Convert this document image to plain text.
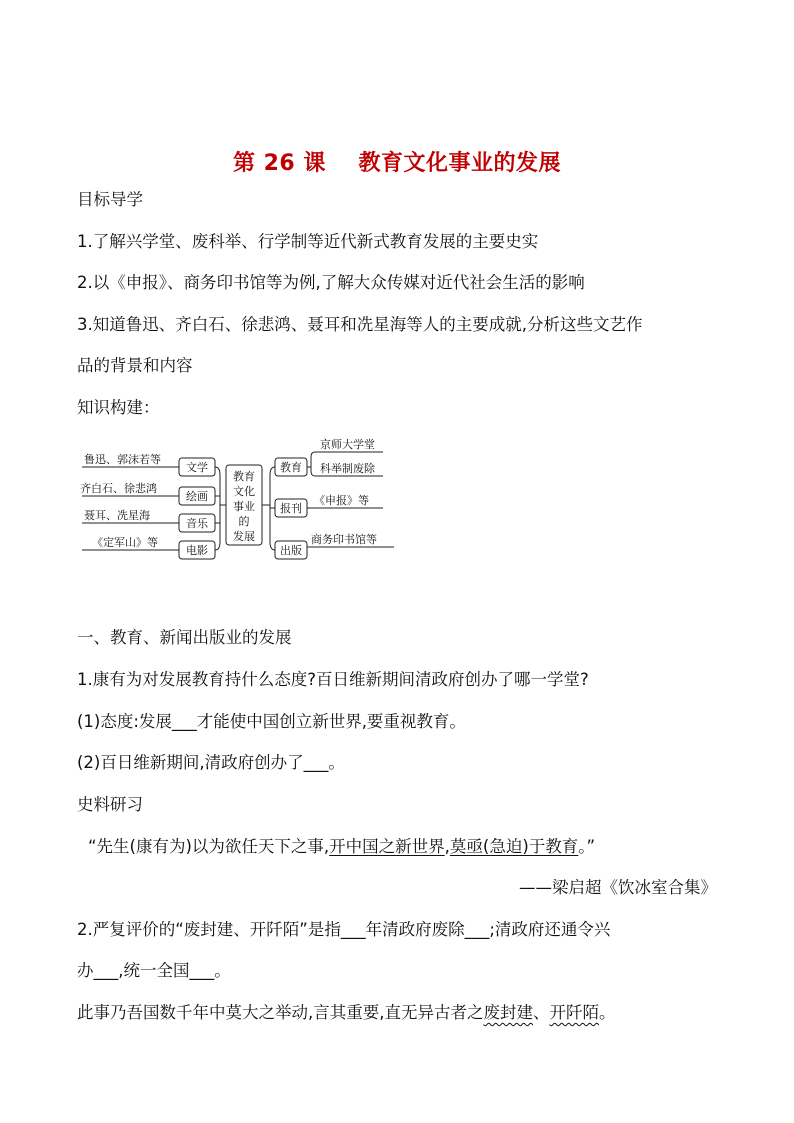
第 26 课    教育文化事业的发展
目标导学
1.了解兴学堂、废科举、行学制等近代新式教育发展的主要史实
2.以《申报》、商务印书馆等为例,了解大众传媒对近代社会生活的影响
3.知道鲁迅、齐白石、徐悲鸿、聂耳和冼星海等人的主要成就,分析这些文艺作
品的背景和内容
知识构建：
教育
文化
事业
的
发展
文学
绘画
音乐
电影
鲁迅、郭沫若等
齐白石、徐悲鸿
聂耳、冼星海
《定军山》等
教育
报刊
出版
京师大学堂
科举制废除
《申报》等
商务印书馆等
一、教育、新闻出版业的发展
1.康有为对发展教育持什么态度?百日维新期间清政府创办了哪一学堂?
(1)态度:发展___才能使中国创立新世界,要重视教育。
(2)百日维新期间,清政府创办了___。
史料研习
“先生(康有为)以为欲任天下之事,开中国之新世界,莫亟(急迫)于教育。”
——梁启超《饮冰室合集》
2.严复评价的“废封建、开阡陌”是指___年清政府废除___;清政府还通令兴
办___,统一全国___。
此事乃吾国数千年中莫大之举动,言其重要,直无异古者之废封建、开阡陌。
